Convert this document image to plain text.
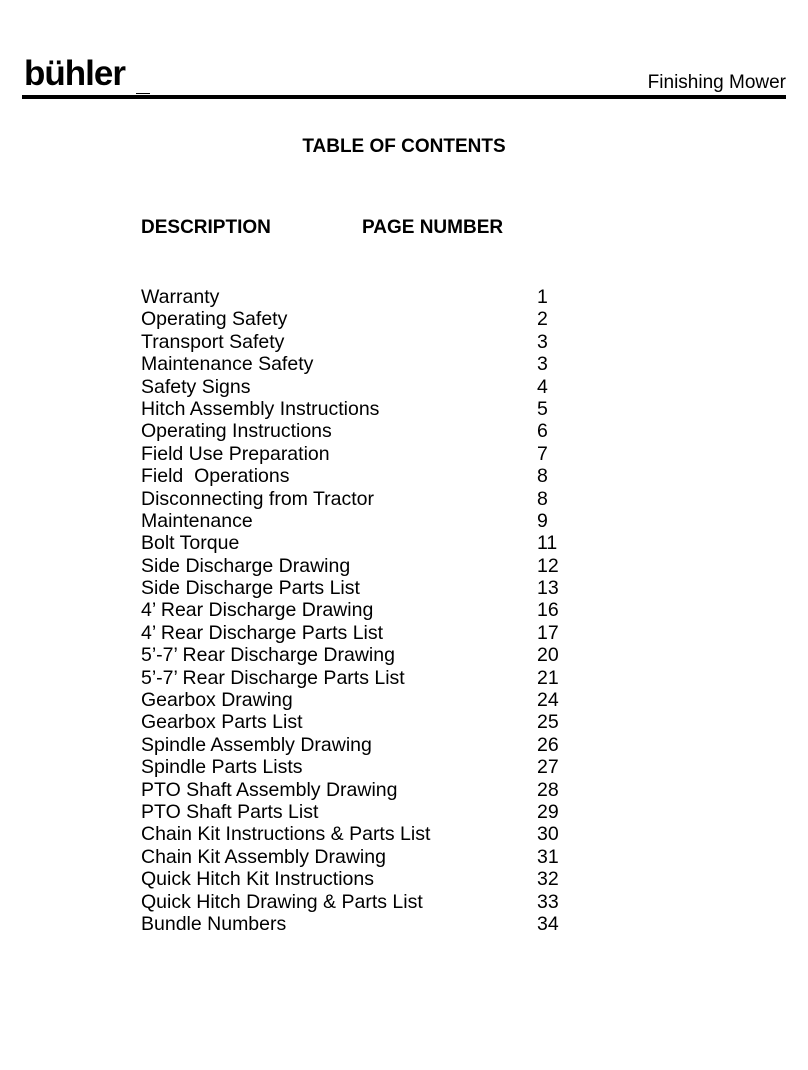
bühler	Finishing Mower
TABLE OF CONTENTS
DESCRIPTION	PAGE NUMBER
Warranty	1
Operating Safety	2
Transport Safety	3
Maintenance Safety	3
Safety Signs	4
Hitch Assembly Instructions	5
Operating Instructions	6
Field Use Preparation	7
Field  Operations	8
Disconnecting from Tractor	8
Maintenance	9
Bolt Torque	11
Side Discharge Drawing	12
Side Discharge Parts List	13
4’ Rear Discharge Drawing	16
4’ Rear Discharge Parts List	17
5’-7’ Rear Discharge Drawing	20
5’-7’ Rear Discharge Parts List	21
Gearbox Drawing	24
Gearbox Parts List	25
Spindle Assembly Drawing	26
Spindle Parts Lists	27
PTO Shaft Assembly Drawing	28
PTO Shaft Parts List	29
Chain Kit Instructions & Parts List	30
Chain Kit Assembly Drawing	31
Quick Hitch Kit Instructions	32
Quick Hitch Drawing & Parts List	33
Bundle Numbers	34
